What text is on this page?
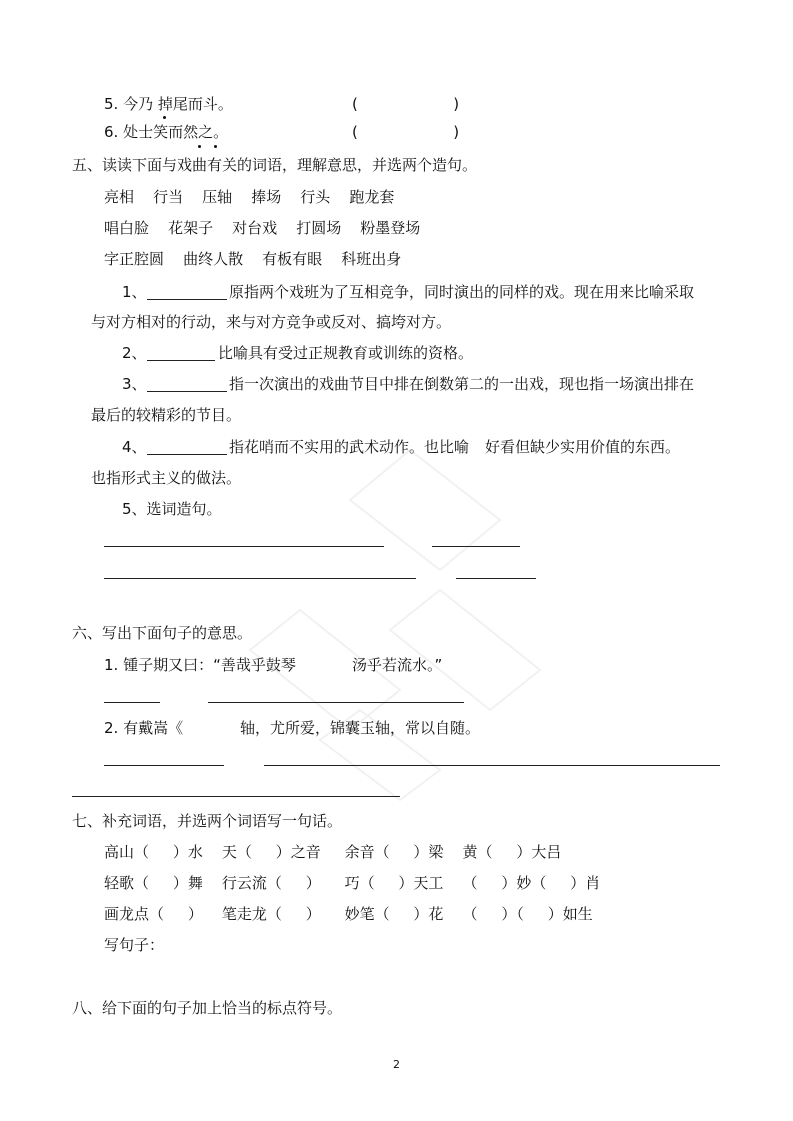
5. 今乃 掉尾而斗。	(                    )
6. 处士笑而然之。	(                    )
五、读读下面与戏曲有关的词语，理解意思，并选两个造句。
亮相    行当    压轴    捧场    行头    跑龙套
唱白脸    花架子    对台戏    打圆场    粉墨登场
字正腔圆    曲终人散    有板有眼    科班出身
1、	原指两个戏班为了互相竞争，同时演出的同样的戏。现在用来比喻采取
与对方相对的行动，来与对方竞争或反对、搞垮对方。
2、	比喻具有受过正规教育或训练的资格。
3、	指一次演出的戏曲节目中排在倒数第二的一出戏，现也指一场演出排在
最后的较精彩的节目。
4、	指花哨而不实用的武术动作。也比喻 好看但缺少实用价值的东西。
也指形式主义的做法。
5、选词造句。
六、写出下面句子的意思。
1. 锺子期又曰：“善哉乎鼓琴	汤乎若流水。”
2. 有戴嵩《	轴，尤所爱，锦囊玉轴，常以自随。
七、补充词语，并选两个词语写一句话。
高山（     ）水    天（     ）之音     余音（     ）梁    黄（     ）大吕
轻歌（     ）舞    行云流（     ）     巧（     ）天工    （     ）妙（     ）肖
画龙点（     ）    笔走龙（     ）     妙笔（     ）花    （     ）（     ）如生
写句子：
八、给下面的句子加上恰当的标点符号。
2
